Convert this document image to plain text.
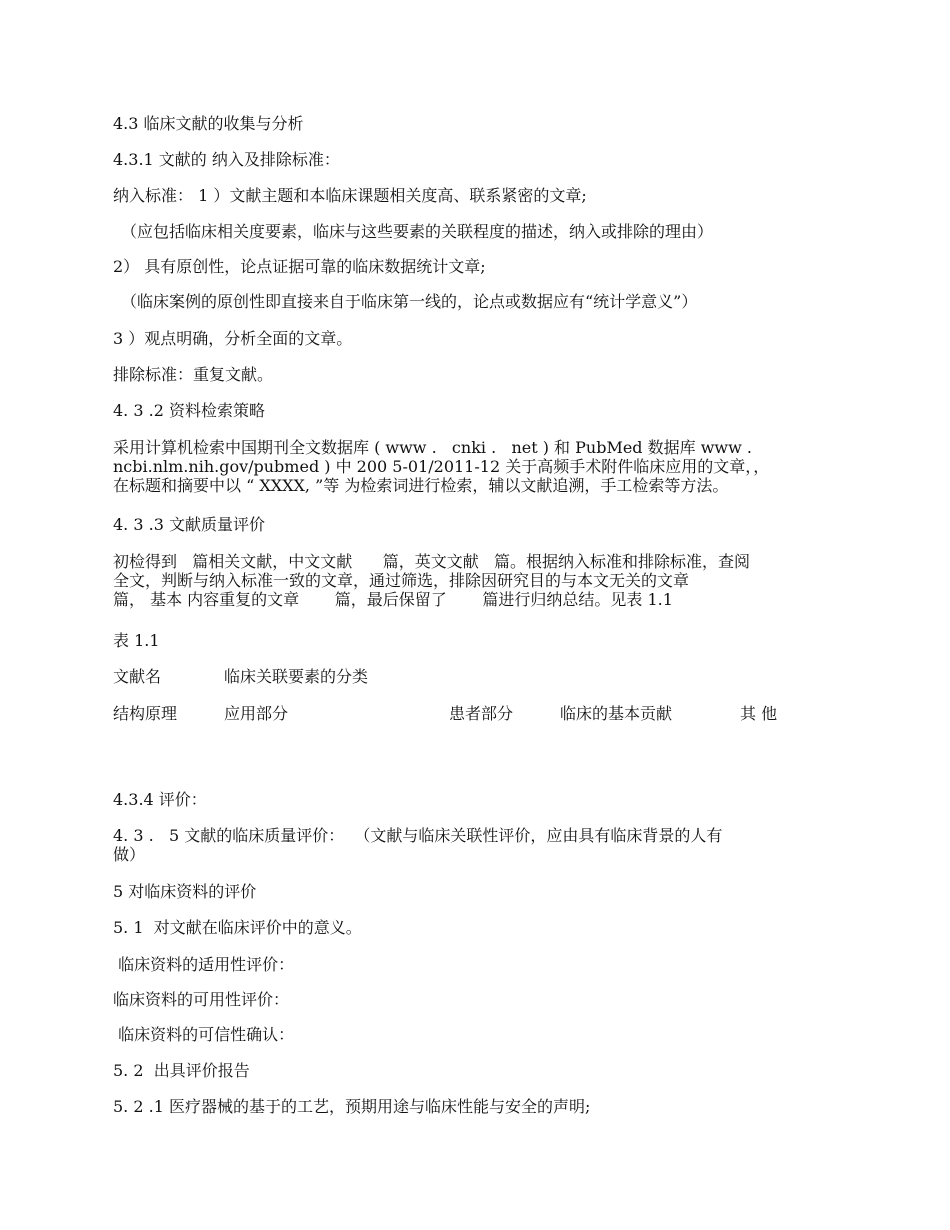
4.3 临床文献的收集与分析

4.3.1 文献的 纳入及排除标准：

纳入标准： 1 ）文献主题和本临床课题相关度高、联系紧密的文章;

（应包括临床相关度要素，临床与这些要素的关联程度的描述，纳入或排除的理由）

2） 具有原创性，论点证据可靠的临床数据统计文章;

（临床案例的原创性即直接来自于临床第一线的，论点或数据应有“统计学意义”）

3 ）观点明确，分析全面的文章。

排除标准：重复文献。

4. 3 .2 资料检索策略

采用计算机检索中国期刊全文数据库 ( www .   cnki .   net ) 和 PubMed 数据库 www .
ncbi.nlm.nih.gov/pubmed ) 中 200 5-01/2011-12 关于高频手术附件临床应用的文章，，
在标题和摘要中以 “ XXXX, ”等 为检索词进行检索，辅以文献追溯，手工检索等方法。

4. 3 .3 文献质量评价

初检得到   篇相关文献，中文文献      篇，英文文献   篇。根据纳入标准和排除标准，查阅
全文，判断与纳入标准一致的文章，通过筛选，排除因研究目的与本文无关的文章
篇， 基本 内容重复的文章       篇，最后保留了       篇进行归纳总结。见表 1.1

表 1.1

文献名	临床关联要素的分类
结构原理	应用部分	患者部分	临床的基本贡献	其 他

4.3.4 评价：

4. 3 .   5 文献的临床质量评价：  （文献与临床关联性评价，应由具有临床背景的人有
做）

5 对临床资料的评价

5. 1  对文献在临床评价中的意义。

临床资料的适用性评价：

临床资料的可用性评价：

临床资料的可信性确认：

5. 2  出具评价报告

5. 2 .1 医疗器械的基于的工艺，预期用途与临床性能与安全的声明;
